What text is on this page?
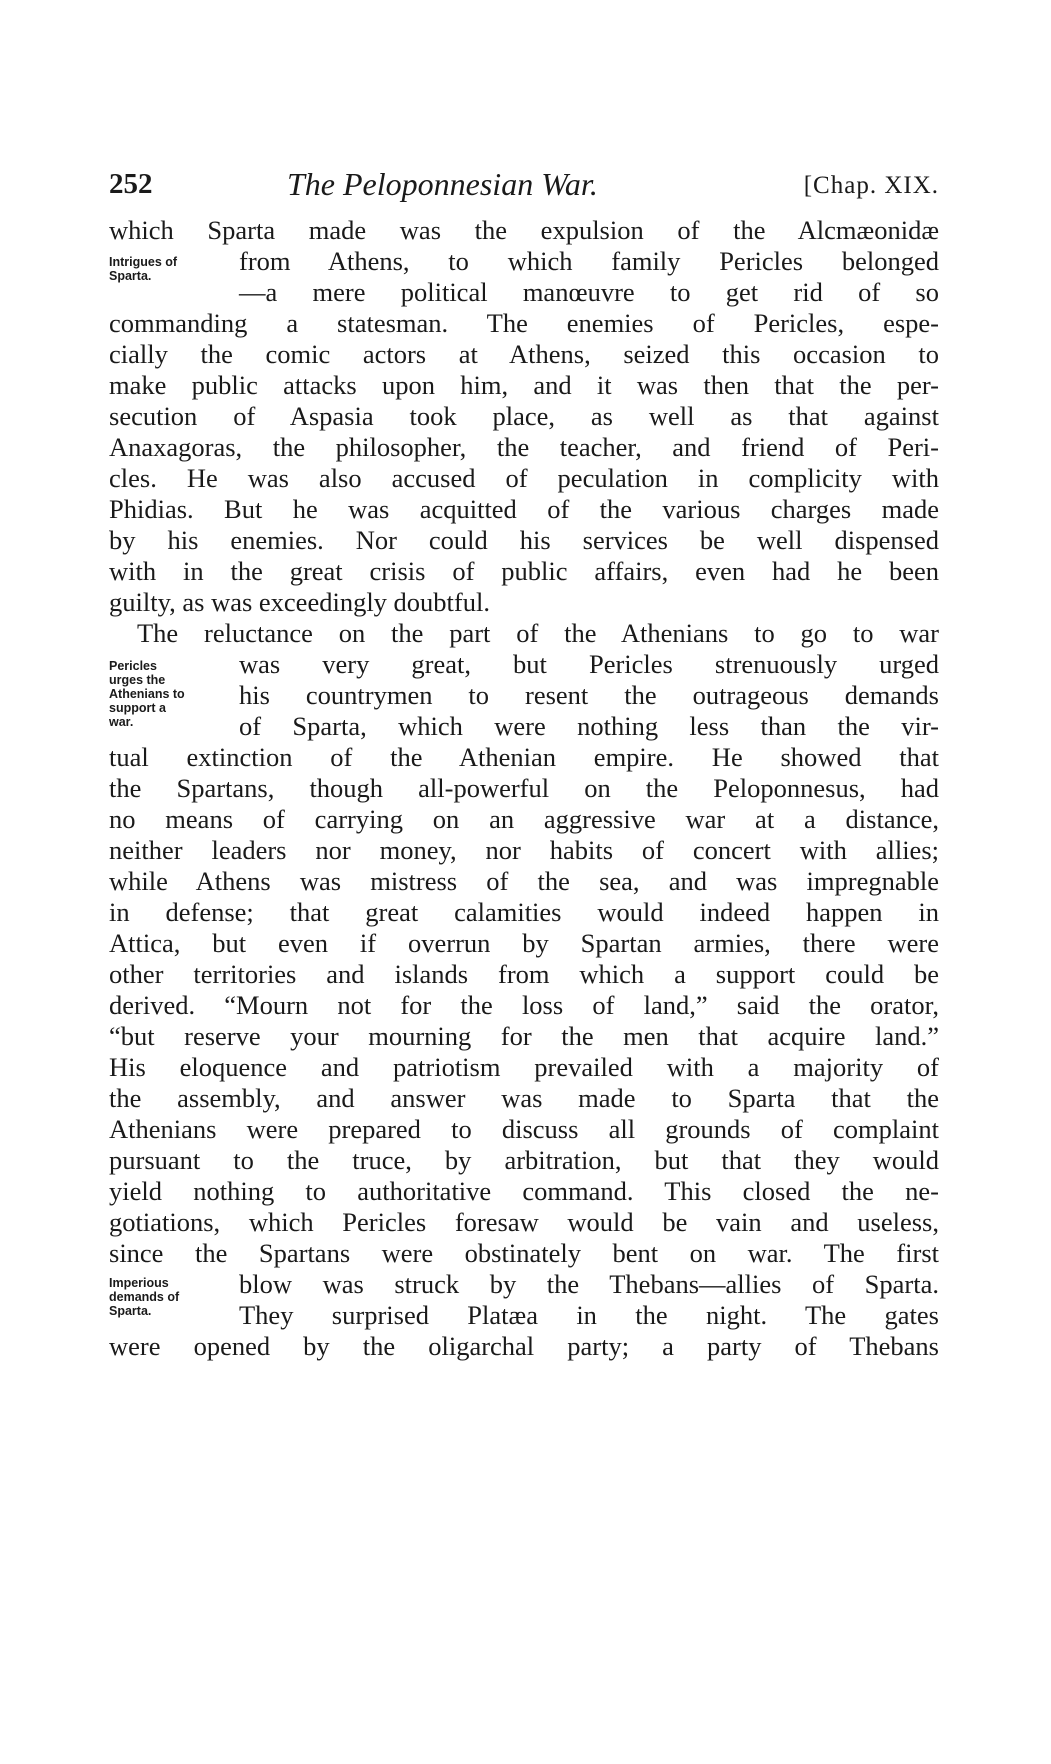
252	The Peloponnesian War.	[Chap. XIX.
Intrigues of
Sparta.
Pericles
urges the
Athenians to
support a
war.
Imperious
demands of
Sparta.

which Sparta made was the expulsion of the Alcmæonidæ

from Athens, to which family Pericles belonged

—a mere political manœuvre to get rid of so

commanding a statesman. The enemies of Pericles, espe-

cially the comic actors at Athens, seized this occasion to

make public attacks upon him, and it was then that the per-

secution of Aspasia took place, as well as that against

Anaxagoras, the philosopher, the teacher, and friend of Peri-

cles. He was also accused of peculation in complicity with

Phidias. But he was acquitted of the various charges made

by his enemies. Nor could his services be well dispensed

with in the great crisis of public affairs, even had he been

guilty, as was exceedingly doubtful.

The reluctance on the part of the Athenians to go to war

was very great, but Pericles strenuously urged

his countrymen to resent the outrageous demands

of Sparta, which were nothing less than the vir-

tual extinction of the Athenian empire. He showed that

the Spartans, though all-powerful on the Peloponnesus, had

no means of carrying on an aggressive war at a distance,

neither leaders nor money, nor habits of concert with allies;

while Athens was mistress of the sea, and was impregnable

in defense; that great calamities would indeed happen in

Attica, but even if overrun by Spartan armies, there were

other territories and islands from which a support could be

derived. “Mourn not for the loss of land,” said the orator,

“but reserve your mourning for the men that acquire land.”

His eloquence and patriotism prevailed with a majority of

the assembly, and answer was made to Sparta that the

Athenians were prepared to discuss all grounds of complaint

pursuant to the truce, by arbitration, but that they would

yield nothing to authoritative command. This closed the ne-

gotiations, which Pericles foresaw would be vain and useless,

since the Spartans were obstinately bent on war. The first

blow was struck by the Thebans—allies of Sparta.

They surprised Platæa in the night. The gates

were opened by the oligarchal party; a party of Thebans
